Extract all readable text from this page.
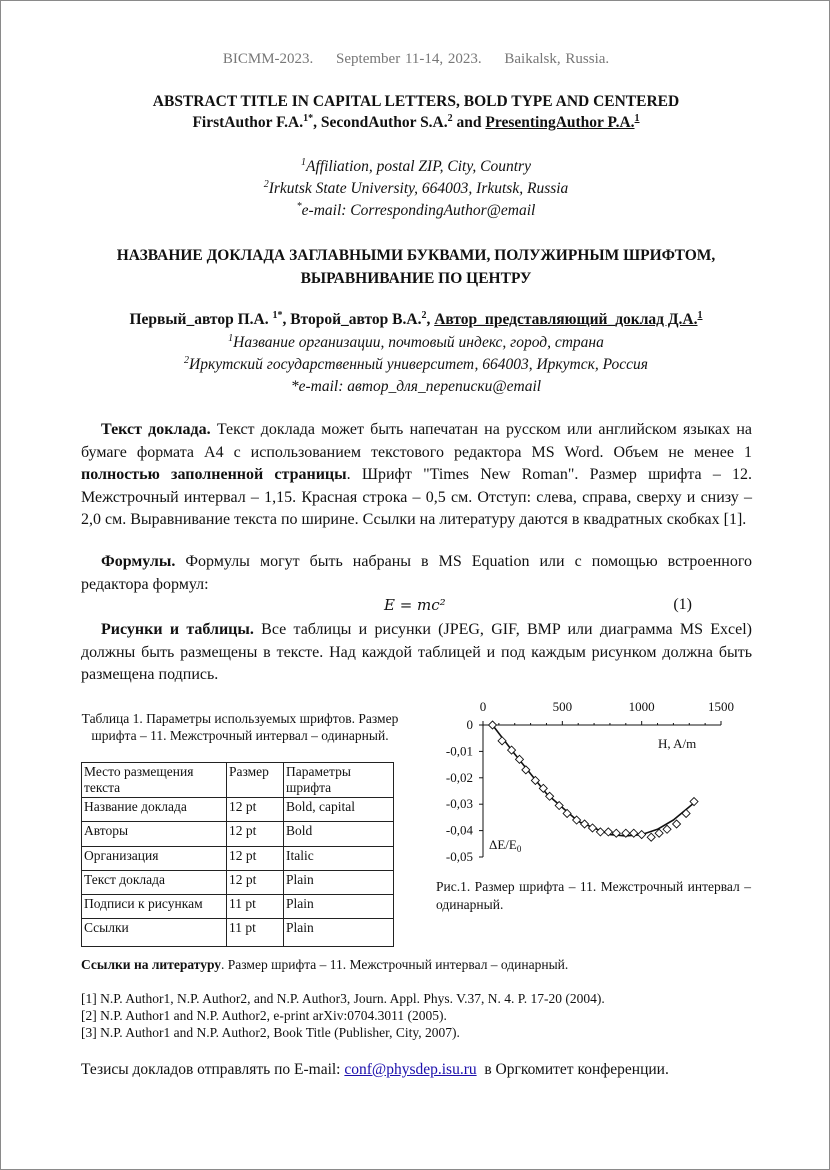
BICMM-2023. September 11-14, 2023. Baikalsk, Russia.
ABSTRACT TITLE IN CAPITAL LETTERS, BOLD TYPE AND CENTERED
FirstAuthor F.A.$^{1*}$, SecondAuthor S.A.$^2$ and PresentingAuthor P.A.$^1$
$^1$Affiliation, postal ZIP, City, Country
$^2$Irkutsk State University, 664003, Irkutsk, Russia
*e-mail: CorrespondingAuthor@email
НАЗВАНИЕ ДОКЛАДА ЗАГЛАВНЫМИ БУКВАМИ, ПОЛУЖИРНЫМ ШРИФТОМ,
ВЫРАВНИВАНИЕ ПО ЦЕНТРУ
Первый_автор П.А. $^{1*}$, Второй_автор В.А.$^2$, Автор_представляющий_доклад Д.А.$^1$
$^1$Название организации, почтовый индекс, город, страна
$^2$Иркутский государственный университет, 664003, Иркутск, Россия
*e-mail: автор_для_переписки@email

Текст доклада. Текст доклада может быть напечатан на русском или английском языках на бумаге формата А4 с использованием текстового редактора MS Word. Объем не менее 1 полностью заполненной страницы. Шрифт "Times New Roman". Размер шрифта – 12. Межстрочный интервал – 1,15. Красная строка – 0,5 см. Отступ: слева, справа, сверху и снизу – 2,0 см. Выравнивание текста по ширине. Ссылки на литературу даются в квадратных скобках [1].

Формулы. Формулы могут быть набраны в MS Equation или с помощью встроенного редактора формул:

E = mc²	(1)

Рисунки и таблицы. Все таблицы и рисунки (JPEG, GIF, BMP или диаграмма MS Excel) должны быть размещены в тексте. Над каждой таблицей и под каждым рисунком должна быть размещена подпись.

Таблица 1. Параметры используемых шрифтов. Размер шрифта – 11. Межстрочный интервал – одинарный.
Место размещения текста	Размер	Параметры шрифта
Название доклада	12 pt	Bold, capital
Авторы	12 pt	Bold
Организация	12 pt	Italic
Текст доклада	12 pt	Plain
Подписи к рисункам	11 pt	Plain
Ссылки	11 pt	Plain
0	500	1000	1500
0
-0,01
-0,02
-0,03
-0,04
-0,05
H, A/m
$\Delta E/E_0$
Рис.1. Размер шрифта – 11. Межстрочный интервал – одинарный.
Ссылки на литературу. Размер шрифта – 11. Межстрочный интервал – одинарный.
[1] N.P. Author1, N.P. Author2, and N.P. Author3, Journ. Appl. Phys. V.37, N. 4. P. 17-20 (2004).
[2] N.P. Author1 and N.P. Author2, e-print arXiv:0704.3011 (2005).
[3] N.P. Author1 and N.P. Author2, Book Title (Publisher, City, 2007).
Тезисы докладов отправлять по E-mail: conf@physdep.isu.ru  в Оргкомитет конференции.
